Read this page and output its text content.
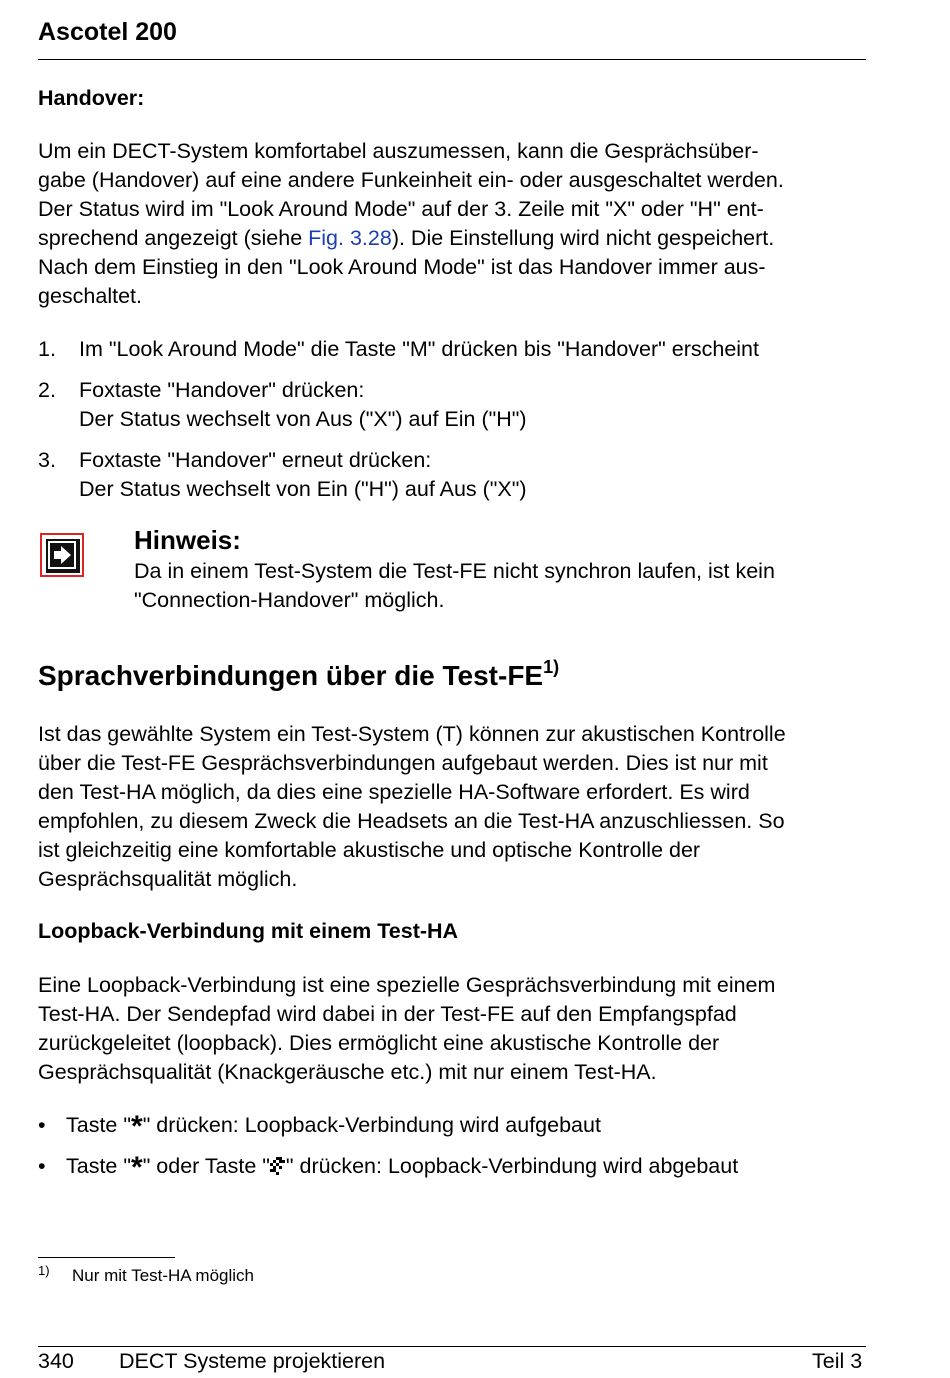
Ascotel 200
Handover:

Um ein DECT-System komfortabel auszumessen, kann die Gesprächsüber-

gabe (Handover) auf eine andere Funkeinheit ein- oder ausgeschaltet werden.

Der Status wird im "Look Around Mode" auf der 3. Zeile mit "X" oder "H" ent-

sprechend angezeigt (siehe Fig. 3.28). Die Einstellung wird nicht gespeichert.

Nach dem Einstieg in den "Look Around Mode" ist das Handover immer aus-

geschaltet.

1. Im "Look Around Mode" die Taste "M" drücken bis "Handover" erscheint
2. Foxtaste "Handover" drücken:
Der Status wechselt von Aus ("X") auf Ein ("H")
3. Foxtaste "Handover" erneut drücken:
Der Status wechselt von Ein ("H") auf Aus ("X")
Hinweis:
Da in einem Test-System die Test-FE nicht synchron laufen, ist kein
"Connection-Handover" möglich.
Sprachverbindungen über die Test-FE$^{1)}$

Ist das gewählte System ein Test-System (T) können zur akustischen Kontrolle

über die Test-FE Gesprächsverbindungen aufgebaut werden. Dies ist nur mit

den Test-HA möglich, da dies eine spezielle HA-Software erfordert. Es wird

empfohlen, zu diesem Zweck die Headsets an die Test-HA anzuschliessen. So

ist gleichzeitig eine komfortable akustische und optische Kontrolle der

Gesprächsqualität möglich.

Loopback-Verbindung mit einem Test-HA

Eine Loopback-Verbindung ist eine spezielle Gesprächsverbindung mit einem

Test-HA. Der Sendepfad wird dabei in der Test-FE auf den Empfangspfad

zurückgeleitet (loopback). Dies ermöglicht eine akustische Kontrolle der

Gesprächsqualität (Knackgeräusche etc.) mit nur einem Test-HA.

• Taste "*" drücken: Loopback-Verbindung wird aufgebaut
• Taste "*" oder Taste " " drücken: Loopback-Verbindung wird abgebaut
1) Nur mit Test-HA möglich
340 DECT Systeme projektieren	Teil 3
